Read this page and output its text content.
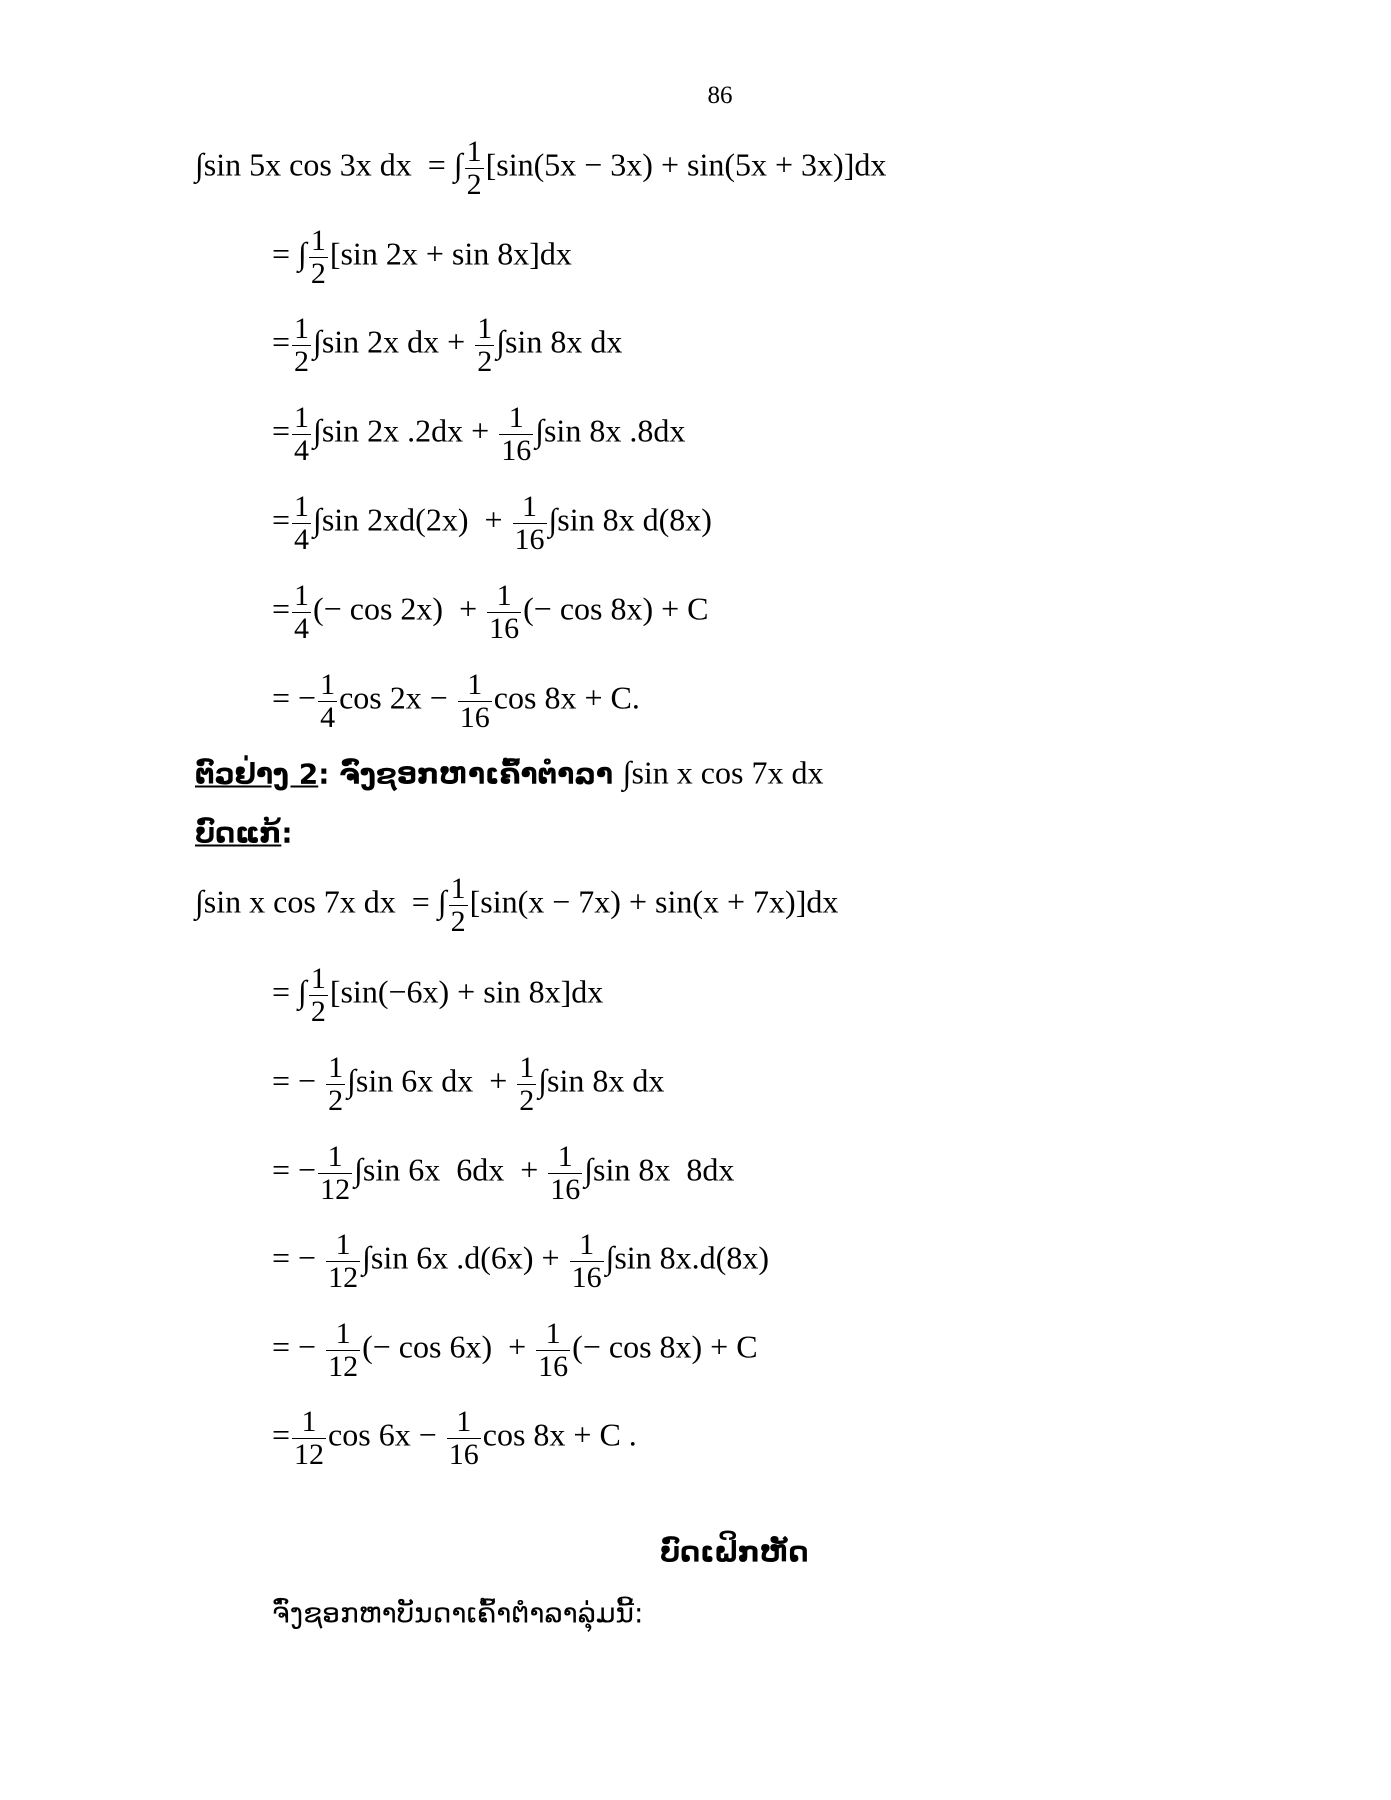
86
∫sin 5x cos 3x dx  = ∫ $\frac{1}{2} [\sin(5x - 3x) + \sin(5x + 3x)]dx$
= ∫ $\frac{1}{2} [\sin$ 2x + sin 8x]dx
= $\frac{1}{2} \int\sin$ 2x dx + $\frac{1}{2} \int\sin$ 8x dx
= $\frac{1}{4} \int\sin$ 2x $.2dx + \frac{1}{16} \int\sin$ 8x .8dx
= $\frac{1}{4} \int\sin$ $2xd(2x) + \frac{1}{16} \int\sin$ 8x d(8x)
= $\frac{1}{4}$ (− $\cos 2x) + \frac{1}{16}$ (− cos 8x) + C
= − $\frac{1}{4}$ $\cos 2x - \frac{1}{16}$ cos 8x + C.
ຕົວຢ່າງ 2: ຈົ່ງຊອກຫາເຄົ້າຕຳລາ ∫sin x cos 7x dx
ບົດແກ້:
∫sin x cos 7x dx  = ∫ $\frac{1}{2} [\sin(x - 7x) + \sin(x + 7x)]dx$
= ∫ $\frac{1}{2} [\sin(-6x) + \sin 8x]dx$
= − $\frac{1}{2} \int\sin$ 6x dx  + $\frac{1}{2} \int\sin$ 8x dx
= − $\frac{1}{12} \int\sin$ 6x  $6dx + \frac{1}{16} \int\sin$ 8x  8dx
= − $\frac{1}{12} \int\sin$ 6x $.d(6x) + \frac{1}{16} \int\sin$ 8x.d(8x)
= − $\frac{1}{12}$ (− $\cos 6x) + \frac{1}{16}$ (− cos 8x) + C
= $\frac{1}{12}$ $\cos 6x - \frac{1}{16}$ cos 8x + C .
ບົດເຝິກຫັດ
ຈົ່ງຊອກຫາບັນດາເຄົ້າຕຳລາລຸ່ມນີ້:
